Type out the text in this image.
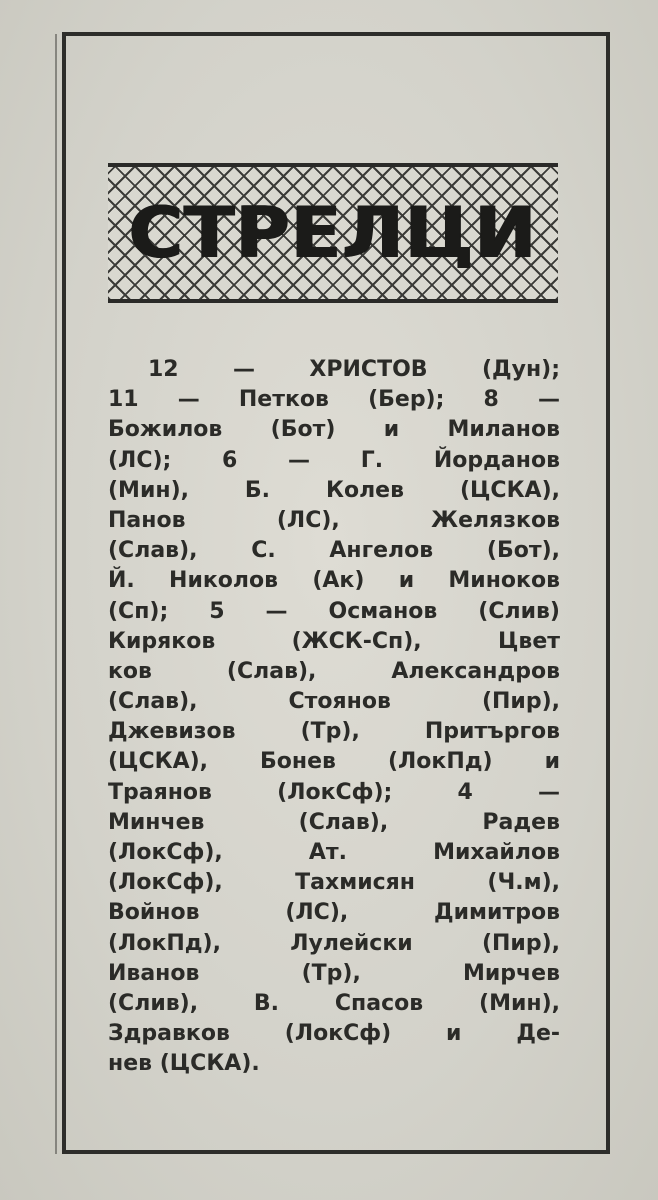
СТРЕЛЦИ
12 — ХРИСТОВ (Дун);
11 — Петков (Бер); 8 —
Божилов (Бот) и Миланов
(ЛС); 6 — Г. Йорданов
(Мин), Б. Колев (ЦСКА),
Панов (ЛС), Желязков
(Слав), С. Ангелов (Бот),
Й. Николов (Ак) и Миноков
(Сп); 5 — Османов (Слив)
Киряков (ЖСК-Сп), Цвет
ков (Слав), Александров
(Слав), Стоянов (Пир),
Джевизов (Тр), Притъргов
(ЦСКА), Бонев (ЛокПд) и
Траянов (ЛокСф); 4 —
Минчев (Слав), Радев
(ЛокСф), Ат. Михайлов
(ЛокСф), Тахмисян (Ч.м),
Войнов (ЛС), Димитров
(ЛокПд), Лулейски (Пир),
Иванов (Тр), Мирчев
(Слив), В. Спасов (Мин),
Здравков (ЛокСф) и Де-
нев (ЦСКА).
